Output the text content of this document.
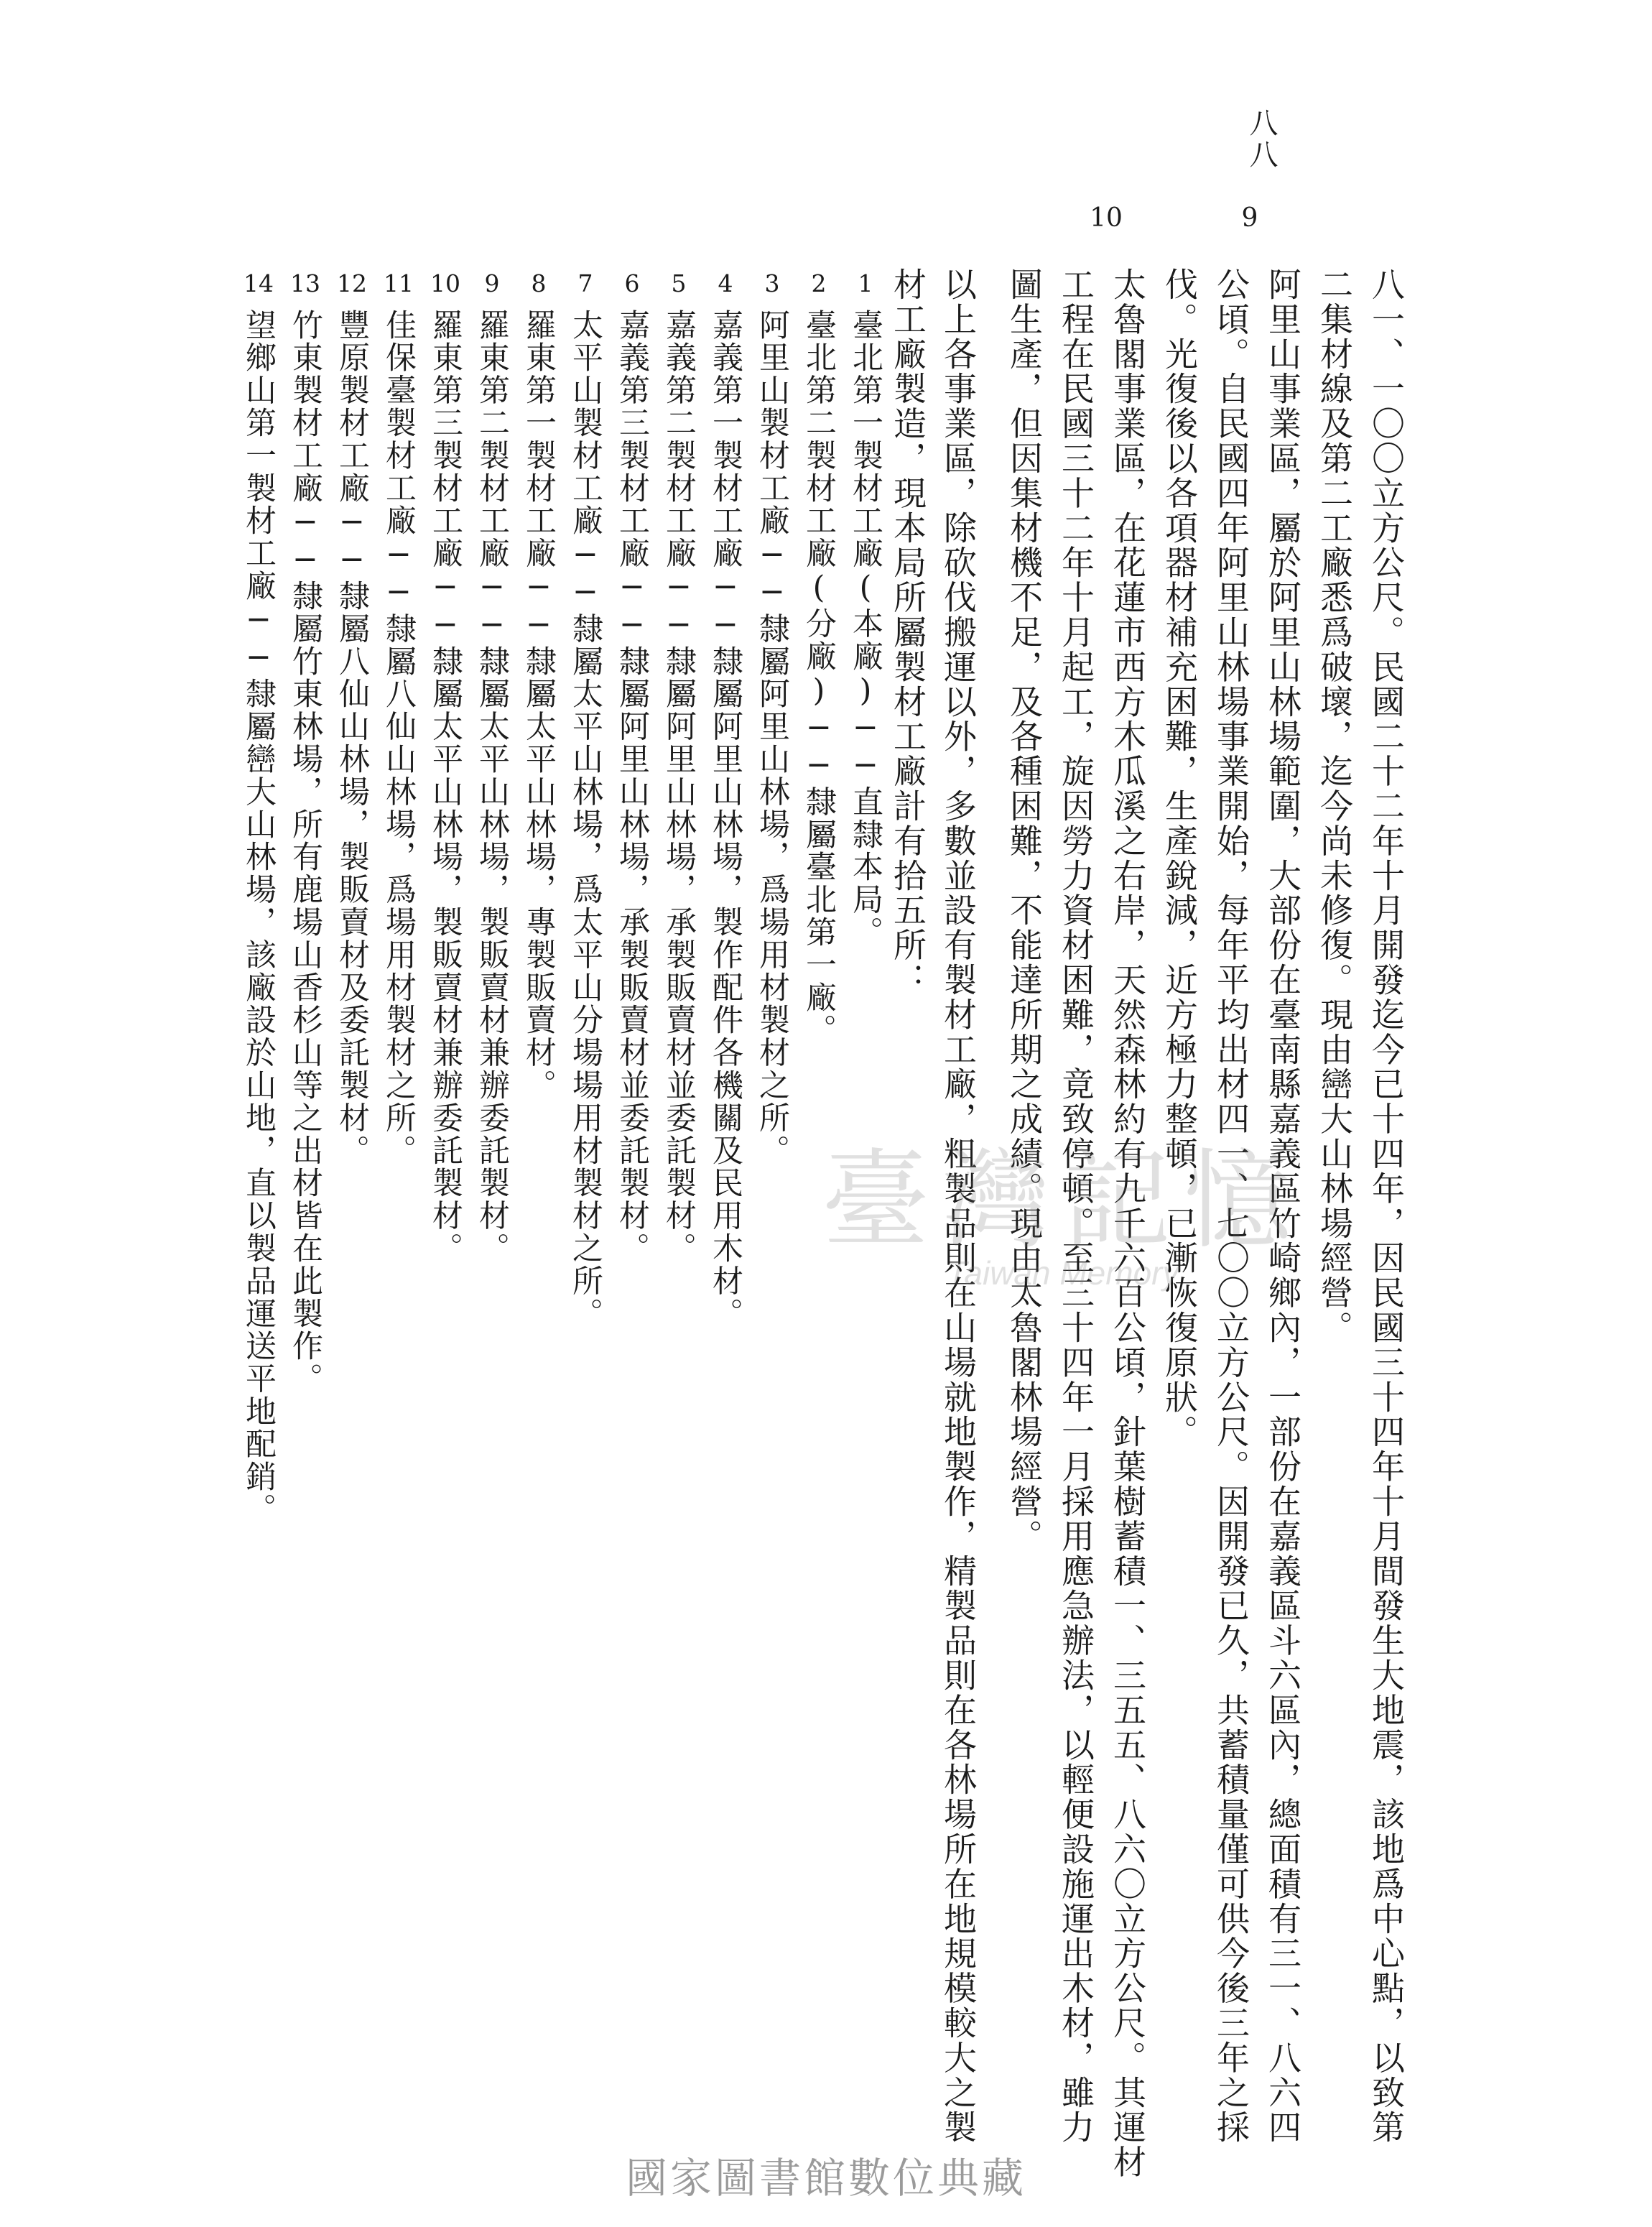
八八
八一、一〇〇立方公尺。民國二十二年十月開發迄今已十四年，因民國三十四年十月間發生大地震，該地爲中心點，以致第
二集材線及第二工廠悉爲破壞，迄今尚未修復。現由巒大山林場經營。
阿里山事業區，屬於阿里山林場範圍，大部份在臺南縣嘉義區竹崎鄉內，一部份在嘉義區斗六區內，總面積有三一、八六四
公頃。自民國四年阿里山林場事業開始，每年平均出材四一、七〇〇立方公尺。因開發已久，共蓄積量僅可供今後三年之採
伐。光復後以各項器材補充困難，生產銳減，近方極力整頓，已漸恢復原狀。
太魯閣事業區，在花蓮市西方木瓜溪之右岸，天然森林約有九千六百公頃，針葉樹蓄積一、三五五、八六〇立方公尺。其運材
工程在民國三十二年十月起工，旋因勞力資材困難，竟致停頓。至三十四年一月採用應急辦法，以輕便設施運出木材，雖力
圖生產，但因集材機不足，及各種困難，不能達所期之成績。現由太魯閣林場經營。
以上各事業區，除砍伐搬運以外，多數並設有製材工廠，粗製品則在山場就地製作，精製品則在各林場所在地規模較大之製
材工廠製造，現本局所屬製材工廠計有拾五所：
9
10
1
臺北第一製材工廠(本廠)──直隸本局。
2
臺北第二製材工廠(分廠)──隸屬臺北第一廠。
3
阿里山製材工廠──隸屬阿里山林場，爲場用材製材之所。
4
嘉義第一製材工廠──隸屬阿里山林場，製作配件各機關及民用木材。
5
嘉義第二製材工廠──隸屬阿里山林場，承製販賣材並委託製材。
6
嘉義第三製材工廠──隸屬阿里山林場，承製販賣材並委託製材。
7
太平山製材工廠──隸屬太平山林場，爲太平山分場場用材製材之所。
8
羅東第一製材工廠──隸屬太平山林場，專製販賣材。
9
羅東第二製材工廠──隸屬太平山林場，製販賣材兼辦委託製材。
10
羅東第三製材工廠──隸屬太平山林場，製販賣材兼辦委託製材。
11
佳保臺製材工廠──隸屬八仙山林場，爲場用材製材之所。
12
豐原製材工廠──隸屬八仙山林場，製販賣材及委託製材。
13
竹東製材工廠──隸屬竹東林場，所有鹿場山香杉山等之出材皆在此製作。
14
望鄉山第一製材工廠──隸屬巒大山林場，該廠設於山地，直以製品運送平地配銷。	臺灣記憶
Taiwan Memory
國家圖書館數位典藏
